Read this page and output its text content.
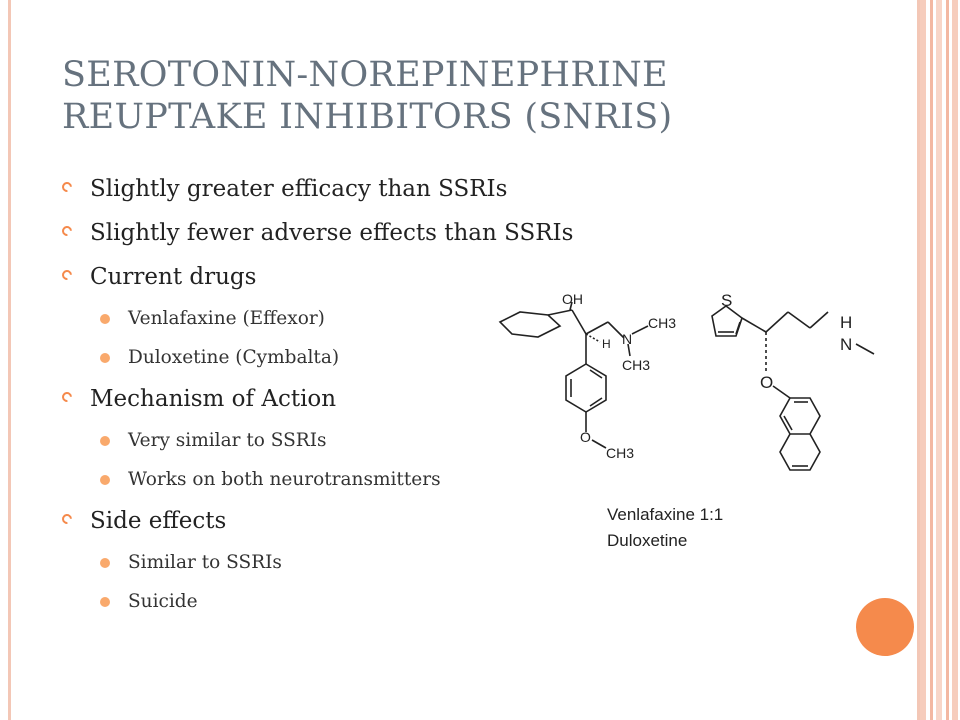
SEROTONIN-NOREPINEPHRINE
REUPTAKE INHIBITORS (SNRIS)
Slightly greater efficacy than SSRIs
Slightly fewer adverse effects than SSRIs
Current drugs
Venlafaxine (Effexor)
Duloxetine (Cymbalta)
Mechanism of Action
Very similar to SSRIs
Works on both neurotransmitters
Side effects
Similar to SSRIs
Suicide
OH
H N
CH3
CH3
O
CH3
S
H
N
O
Venlafaxine 1:1
Duloxetine
